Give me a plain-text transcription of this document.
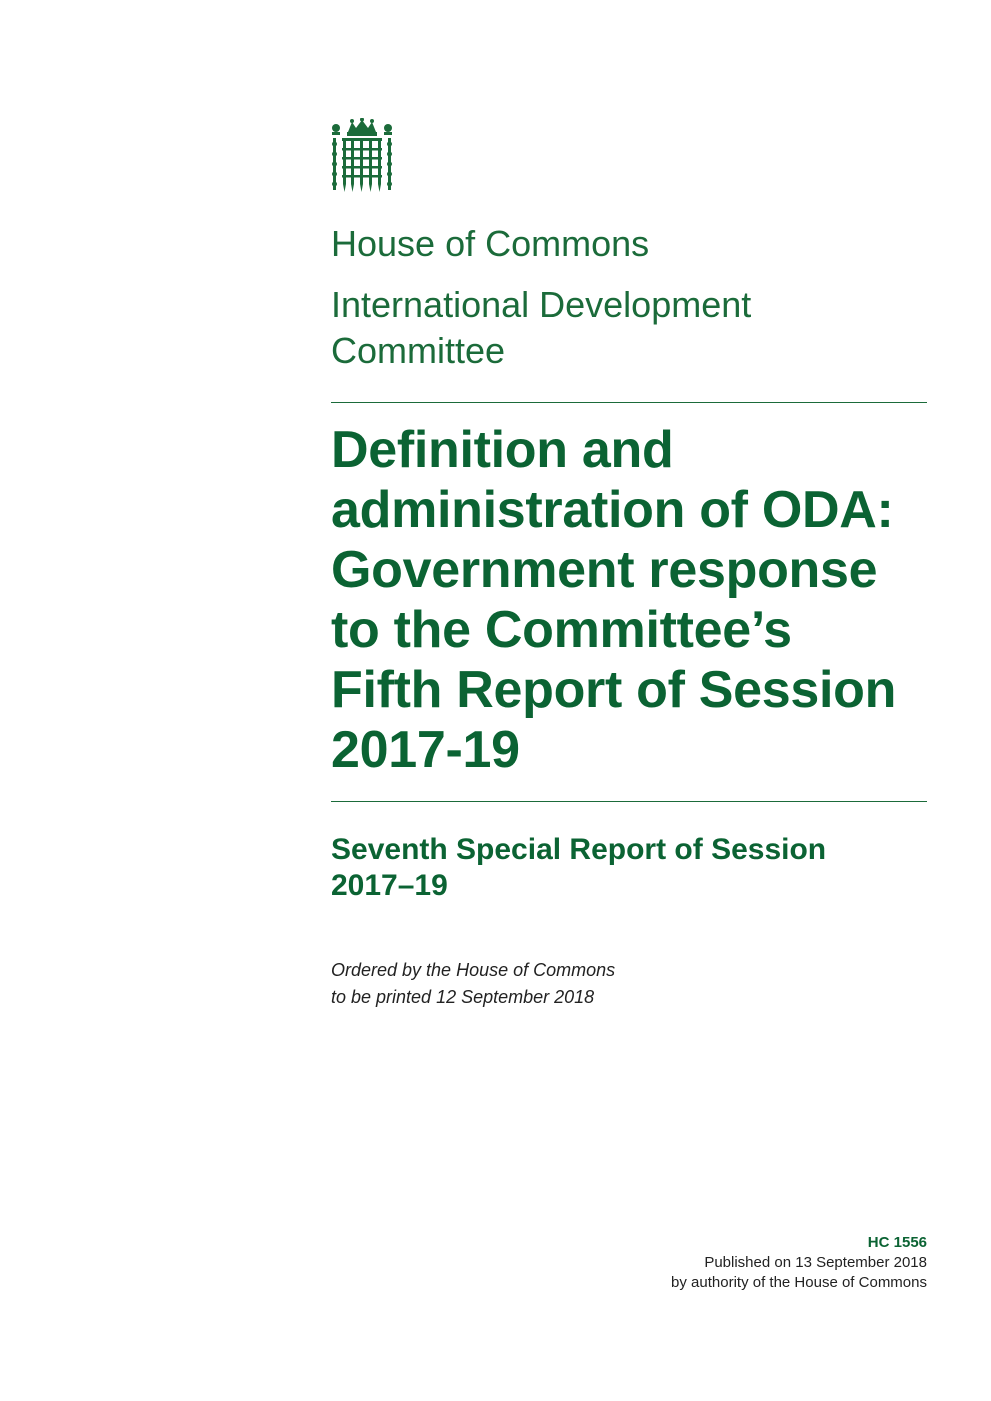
House of Commons
International Development Committee
Definition and
administration of ODA:
Government response
to the Committee’s
Fifth Report of Session
2017-19
Seventh Special Report of Session
2017–19

Ordered by the House of Commons
to be printed 12 September 2018

HC 1556
Published on 13 September 2018
by authority of the House of Commons
